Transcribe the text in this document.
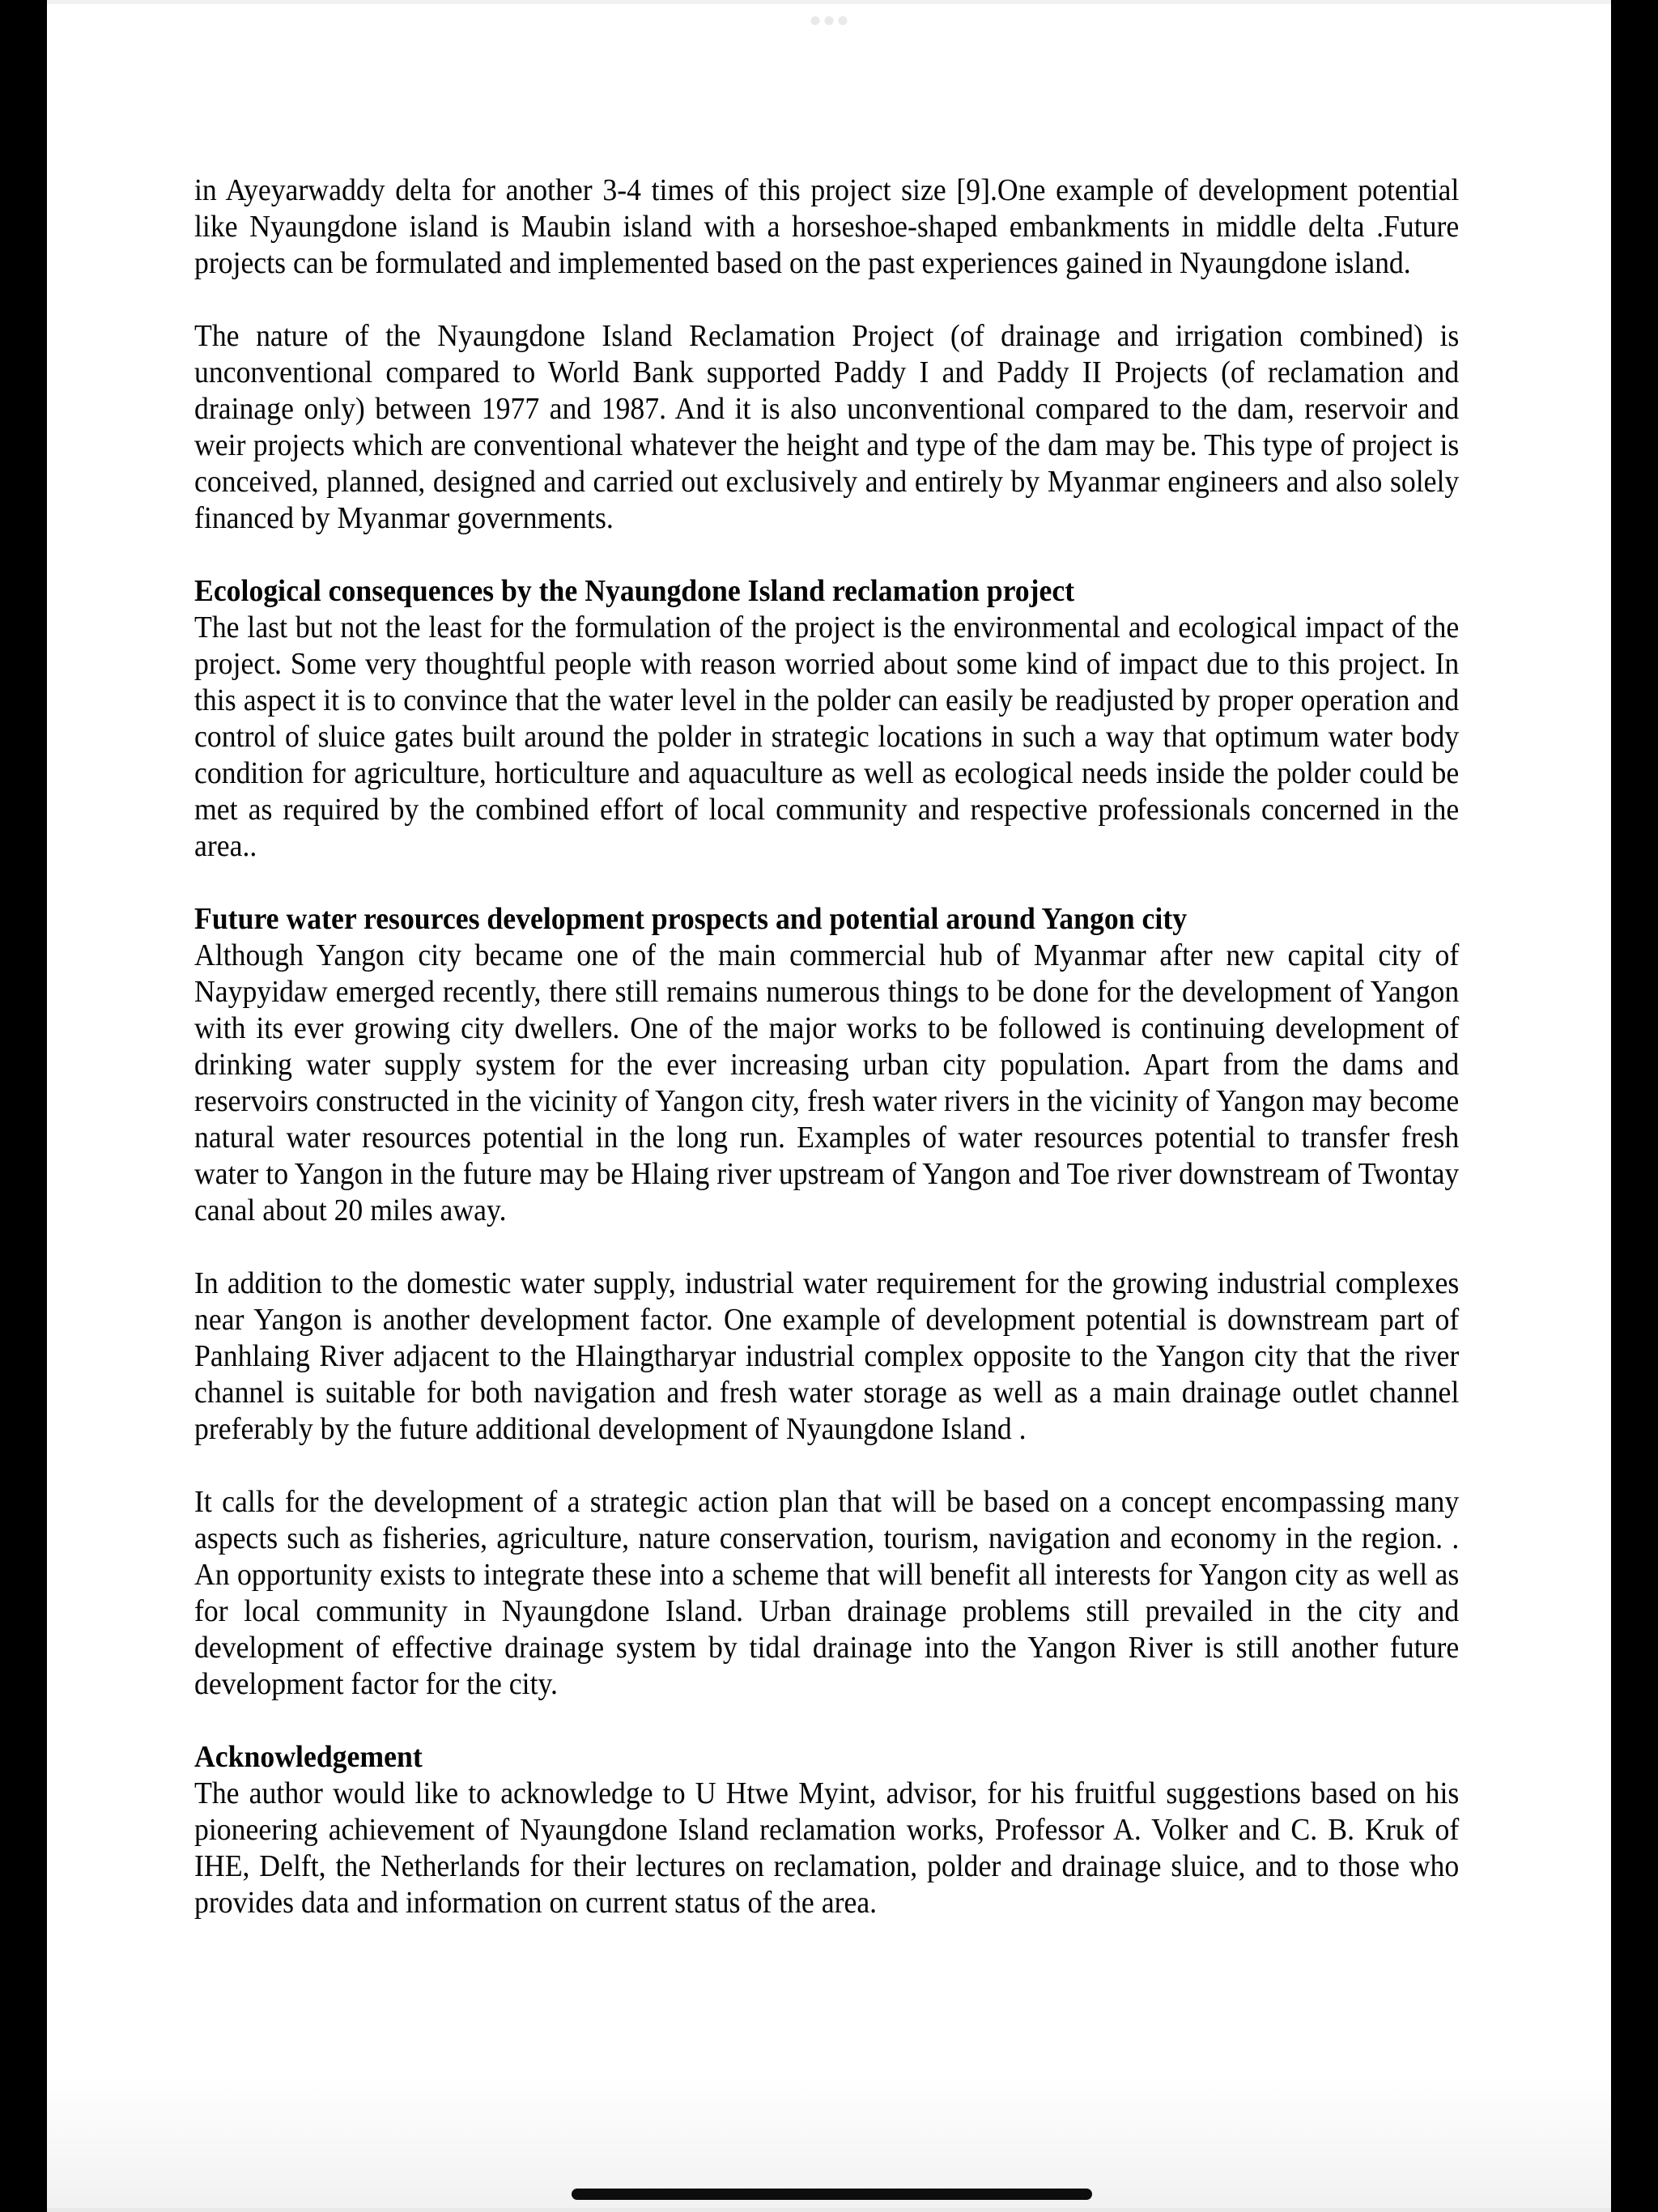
in Ayeyarwaddy delta for another 3-4 times of this project size [9].One example of development potential like Nyaungdone island is Maubin island with a horseshoe-shaped embankments in middle delta .Future projects can be formulated and implemented based on the past experiences gained in Nyaungdone island.

The nature of the Nyaungdone Island Reclamation Project (of drainage and irrigation combined) is unconventional compared to World Bank supported Paddy I and Paddy II Projects (of reclamation and drainage only) between 1977 and 1987. And it is also unconventional compared to the dam, reservoir and weir projects which are conventional whatever the height and type of the dam may be. This type of project is conceived, planned, designed and carried out exclusively and entirely by Myanmar engineers and also solely financed by Myanmar governments.

Ecological consequences by the Nyaungdone Island reclamation project

The last but not the least for the formulation of the project is the environmental and ecological impact of the project. Some very thoughtful people with reason worried about some kind of impact due to this project. In this aspect it is to convince that the water level in the polder can easily be readjusted by proper operation and control of sluice gates built around the polder in strategic locations in such a way that optimum water body condition for agriculture, horticulture and aquaculture as well as ecological needs inside the polder could be met as required by the combined effort of local community and respective professionals concerned in the area..

Future water resources development prospects and potential around Yangon city

Although Yangon city became one of the main commercial hub of Myanmar after new capital city of Naypyidaw emerged recently, there still remains numerous things to be done for the development of Yangon with its ever growing city dwellers. One of the major works to be followed is continuing development of drinking water supply system for the ever increasing urban city population. Apart from the dams and reservoirs constructed in the vicinity of Yangon city, fresh water rivers in the vicinity of Yangon may become natural water resources potential in the long run. Examples of water resources potential to transfer fresh water to Yangon in the future may be Hlaing river upstream of Yangon and Toe river downstream of Twontay canal about 20 miles away.

In addition to the domestic water supply, industrial water requirement for the growing industrial complexes near Yangon is another development factor. One example of development potential is downstream part of Panhlaing River adjacent to the Hlaingtharyar industrial complex opposite to the Yangon city that the river channel is suitable for both navigation and fresh water storage as well as a main drainage outlet channel preferably by the future additional development of Nyaungdone Island .

It calls for the development of a strategic action plan that will be based on a concept encompassing many aspects such as fisheries, agriculture, nature conservation, tourism, navigation and economy in the region. . An opportunity exists to integrate these into a scheme that will benefit all interests for Yangon city as well as for local community in Nyaungdone Island. Urban drainage problems still prevailed in the city and development of effective drainage system by tidal drainage into the Yangon River is still another future development factor for the city.

Acknowledgement

The author would like to acknowledge to U Htwe Myint, advisor, for his fruitful suggestions based on his pioneering achievement of Nyaungdone Island reclamation works, Professor A. Volker and C. B. Kruk of IHE, Delft, the Netherlands for their lectures on reclamation, polder and drainage sluice, and to those who provides data and information on current status of the area.
